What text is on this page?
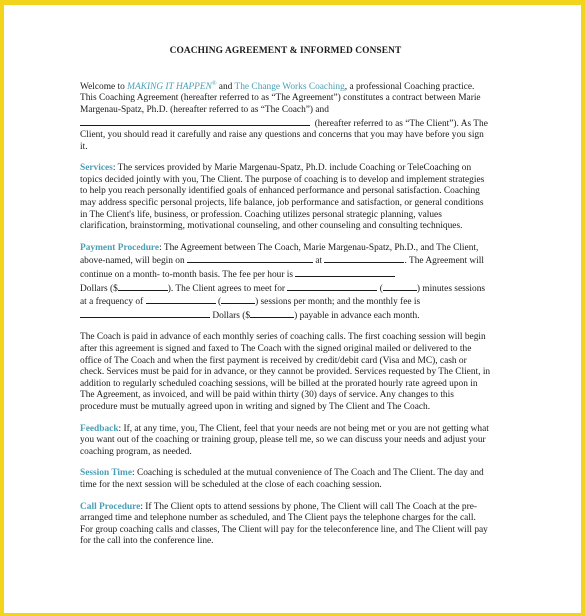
COACHING AGREEMENT & INFORMED CONSENT

Welcome to MAKING IT HAPPEN® and The Change Works Coaching, a professional Coaching practice. This Coaching Agreement (hereafter referred to as “The Agreement”) constitutes a contract between Marie Margenau-Spatz, Ph.D. (hereafter referred to as “The Coach”) and
(hereafter referred to as “The Client”). As The Client, you should read it carefully and raise any questions and concerns that you may have before you sign it.

Services: The services provided by Marie Margenau-Spatz, Ph.D. include Coaching or TeleCoaching on topics decided jointly with you, The Client. The purpose of coaching is to develop and implement strategies to help you reach personally identified goals of enhanced performance and personal satisfaction. Coaching may address specific personal projects, life balance, job performance and satisfaction, or general conditions in The Client's life, business, or profession. Coaching utilizes personal strategic planning, values clarification, brainstorming, motivational counseling, and other counseling and consulting techniques.

Payment Procedure: The Agreement between The Coach, Marie Margenau-Spatz, Ph.D., and The Client, above-named, will begin on	at	. The Agreement will continue on a month- to-month basis. The fee per hour is
Dollars ($	). The Client agrees to meet for	(	) minutes sessions at a frequency of	(	) sessions per month; and the monthly fee is
Dollars ($	) payable in advance each month.

The Coach is paid in advance of each monthly series of coaching calls. The first coaching session will begin after this agreement is signed and faxed to The Coach with the signed original mailed or delivered to the office of The Coach and when the first payment is received by credit/debit card (Visa and MC), cash or check. Services must be paid for in advance, or they cannot be provided. Services requested by The Client, in addition to regularly scheduled coaching sessions, will be billed at the prorated hourly rate agreed upon in The Agreement, as invoiced, and will be paid within thirty (30) days of service. Any changes to this procedure must be mutually agreed upon in writing and signed by The Client and The Coach.

Feedback: If, at any time, you, The Client, feel that your needs are not being met or you are not getting what you want out of the coaching or training group, please tell me, so we can discuss your needs and adjust your coaching program, as needed.

Session Time: Coaching is scheduled at the mutual convenience of The Coach and The Client. The day and time for the next session will be scheduled at the close of each coaching session.

Call Procedure: If The Client opts to attend sessions by phone, The Client will call The Coach at the pre-arranged time and telephone number as scheduled, and The Client pays the telephone charges for the call. For group coaching calls and classes, The Client will pay for the teleconference line, and The Client will pay for the call into the conference line.
